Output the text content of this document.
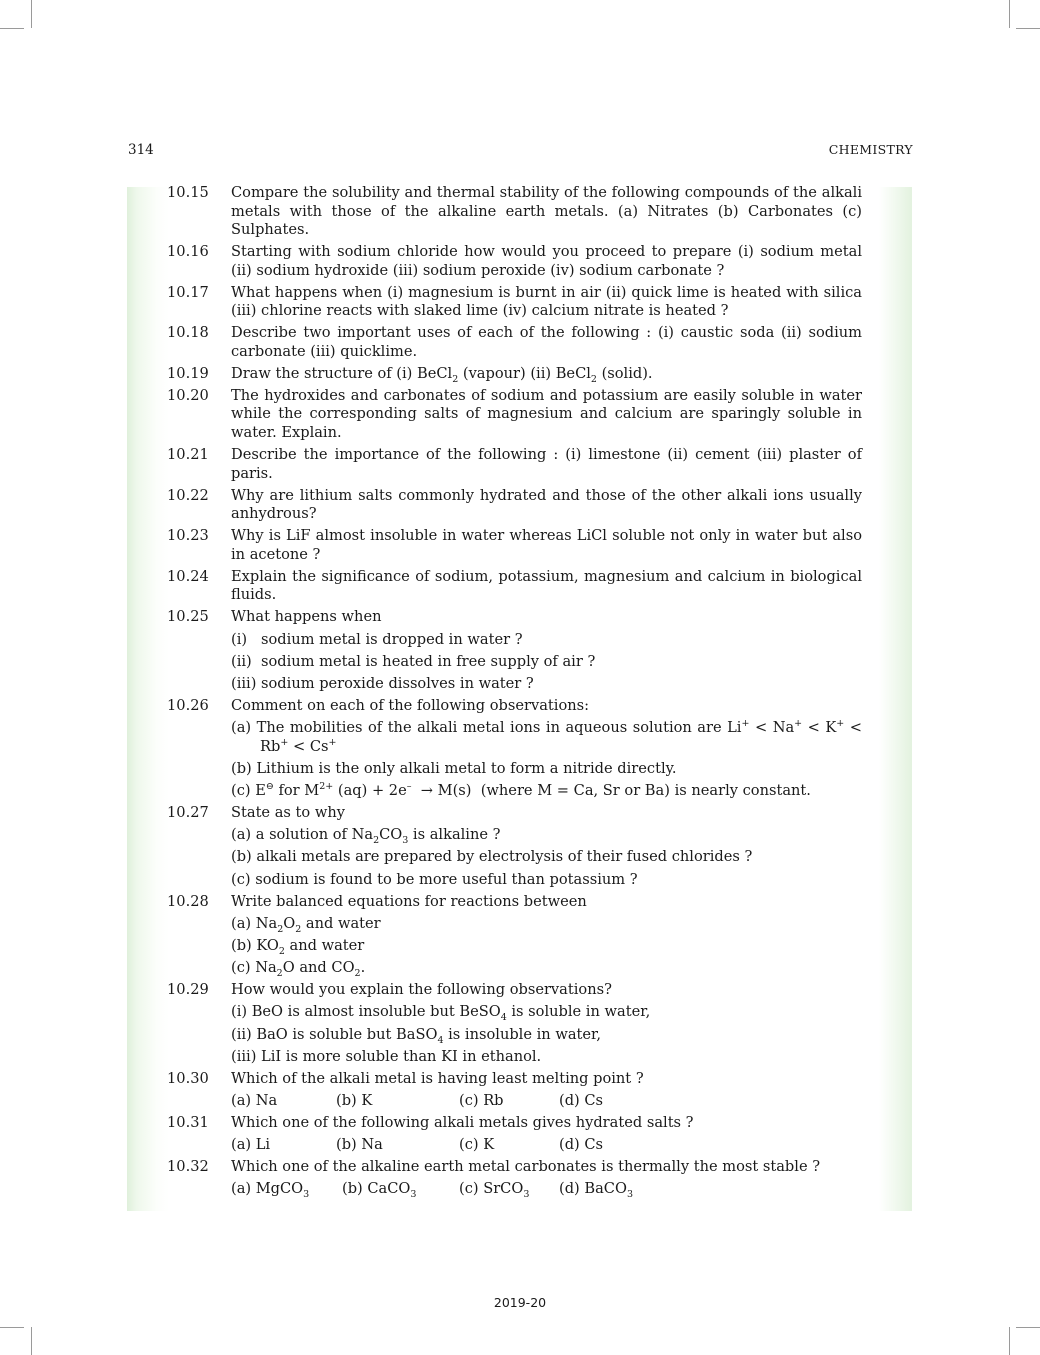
314	CHEMISTRY
10.15	Compare the solubility and thermal stability of the following compounds of the alkali metals with those of the alkaline earth metals. (a) Nitrates (b) Carbonates (c) Sulphates.
10.16	Starting with sodium chloride how would you proceed to prepare (i) sodium metal (ii) sodium hydroxide (iii) sodium peroxide (iv) sodium carbonate ?
10.17	What happens when (i) magnesium is burnt in air (ii) quick lime is heated with silica (iii) chlorine reacts with slaked lime (iv) calcium nitrate is heated ?
10.18	Describe two important uses of each of the following : (i) caustic soda (ii) sodium carbonate (iii) quicklime.
10.19	Draw the structure of (i) BeCl$_2$ (vapour) (ii) BeCl$_2$ (solid).
10.20	The hydroxides and carbonates of sodium and potassium are easily soluble in water while the corresponding salts of magnesium and calcium are sparingly soluble in water. Explain.
10.21	Describe the importance of the following : (i) limestone (ii) cement (iii) plaster of paris.
10.22	Why are lithium salts commonly hydrated and those of the other alkali ions usually anhydrous?
10.23	Why is LiF almost insoluble in water whereas LiCl soluble not only in water but also in acetone ?
10.24	Explain the significance of sodium, potassium, magnesium and calcium in biological fluids.
10.25	What happens when
(i)   sodium metal is dropped in water ?
(ii)  sodium metal is heated in free supply of air ?
(iii) sodium peroxide dissolves in water ?
10.26	Comment on each of the following observations:
(a) The mobilities of the alkali metal ions in aqueous solution are Li+ < Na+ < K+ < Rb+ < Cs+
(b) Lithium is the only alkali metal to form a nitride directly.
(c) E⊖ for $M^{2+}$ (aq) + 2e–  → M(s)  (where M = Ca, Sr or Ba) is nearly constant.
10.27	State as to why
(a) a solution of $Na_2CO_3$ is alkaline ?
(b) alkali metals are prepared by electrolysis of their fused chlorides ?
(c) sodium is found to be more useful than potassium ?
10.28	Write balanced equations for reactions between
(a) $Na_2O_2$ and water
(b) $KO_2$ and water
(c) $Na_2O$ and $CO_2$.
10.29	How would you explain the following observations?
(i) BeO is almost insoluble but BeSO$_4$ is soluble in water,
(ii) BaO is soluble but BaSO$_4$ is insoluble in water,
(iii) LiI is more soluble than KI in ethanol.
10.30	Which of the alkali metal is having least melting point ?
(a) Na	(b) K	(c) Rb	(d) Cs
10.31	Which one of the following alkali metals gives hydrated salts ?
(a) Li	(b) Na	(c) K	(d) Cs
10.32	Which one of the alkaline earth metal carbonates is thermally the most stable ?
(a) MgCO$_3$	(b) CaCO$_3$	(c) SrCO$_3$	(d) BaCO$_3$
2019-20
